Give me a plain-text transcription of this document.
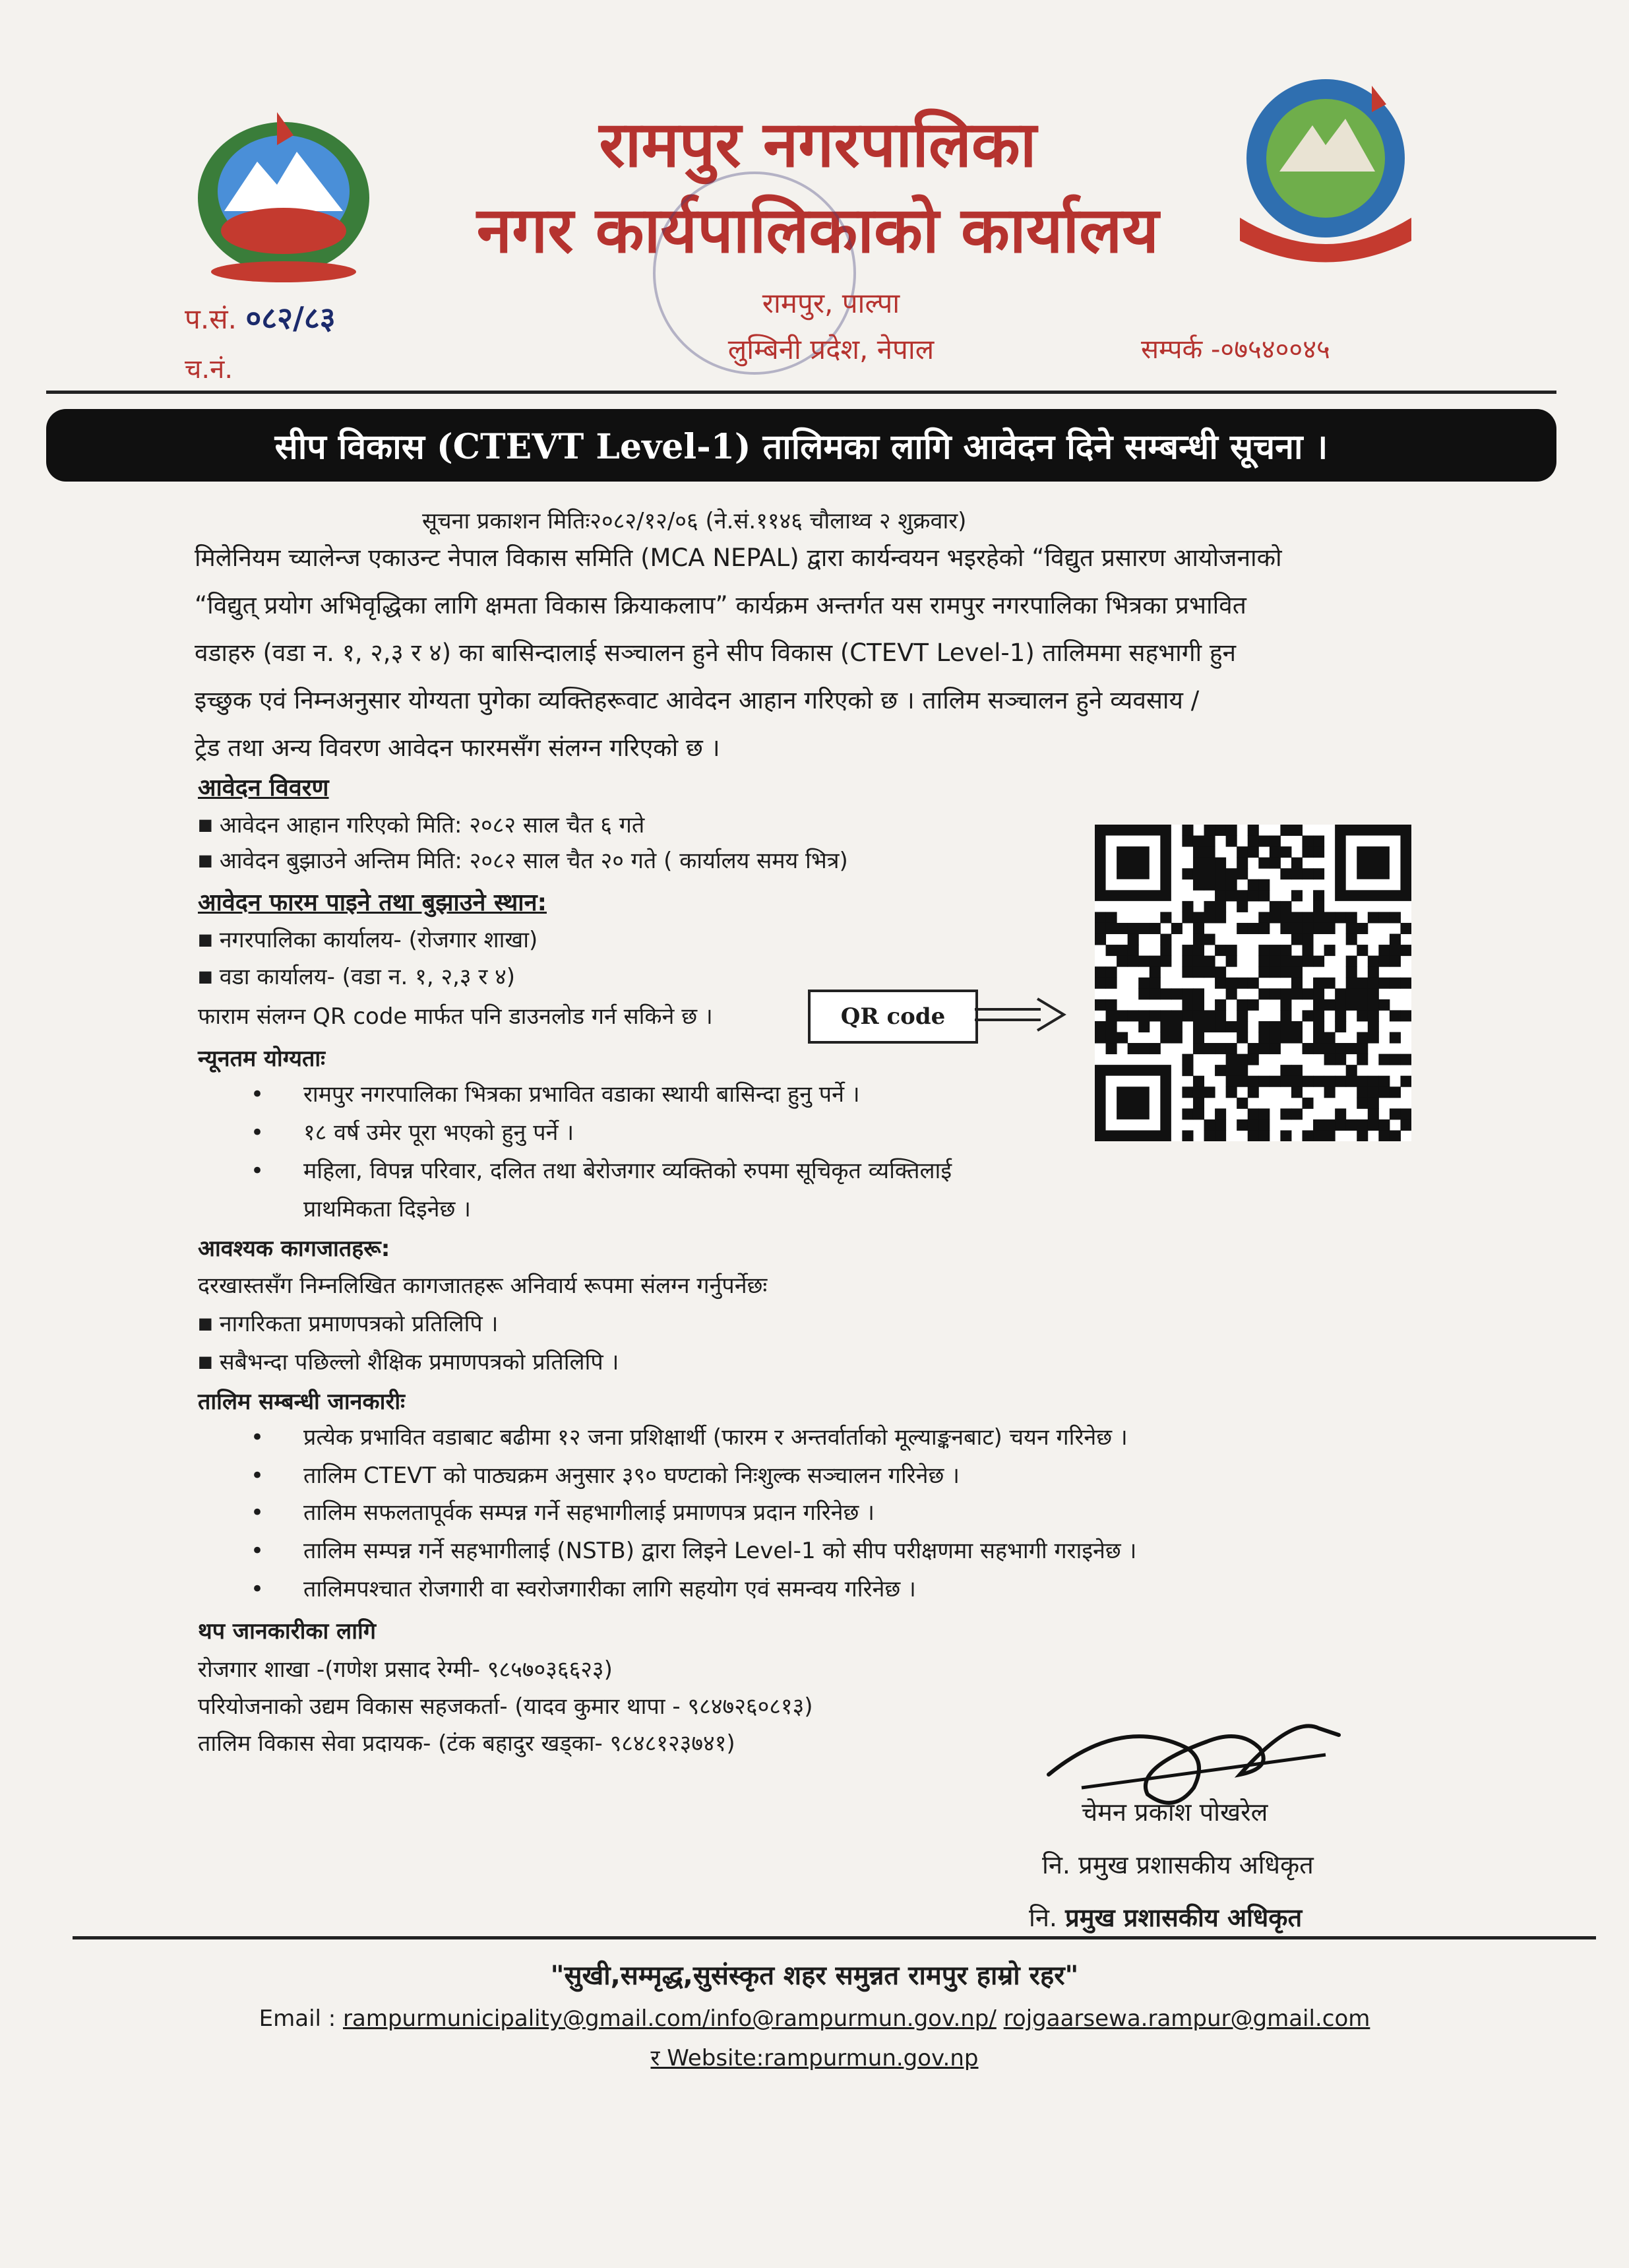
रामपुर नगरपालिका
नगर कार्यपालिकाको कार्यालय
प.सं. ०८२/८३
च.नं.
रामपुर, पाल्पा
लुम्बिनी प्रदेश, नेपाल	सम्पर्क -०७५४००४५
सीप विकास (CTEVT Level-1) तालिमका लागि आवेदन दिने सम्बन्धी सूचना ।
सूचना प्रकाशन मितिः२०८२/१२/०६ (ने.सं.११४६ चौलाथ्व २ शुक्रवार)
मिलेनियम च्यालेन्ज एकाउन्ट नेपाल विकास समिति (MCA NEPAL) द्वारा कार्यन्वयन भइरहेको “विद्युत प्रसारण आयोजनाको
“विद्युत् प्रयोग अभिवृद्धिका लागि क्षमता विकास क्रियाकलाप” कार्यक्रम अन्तर्गत यस रामपुर नगरपालिका भित्रका प्रभावित
वडाहरु (वडा न. १, २,३ र ४) का बासिन्दालाई सञ्चालन हुने सीप विकास (CTEVT Level-1) तालिममा सहभागी हुन
इच्छुक एवं निम्नअनुसार योग्यता पुगेका व्यक्तिहरूवाट आवेदन आहान गरिएको छ । तालिम सञ्चालन हुने व्यवसाय /
ट्रेड तथा अन्य विवरण आवेदन फारमसँग संलग्न गरिएको छ ।
आवेदन विवरण
■ आवेदन आहान गरिएको मिति: २०८२ साल चैत ६ गते
■ आवेदन बुझाउने अन्तिम मिति: २०८२ साल चैत २० गते ( कार्यालय समय भित्र)
आवेदन फारम पाइने तथा बुझाउने स्थान:
■ नगरपालिका कार्यालय- (रोजगार शाखा)
■ वडा कार्यालय- (वडा न. १, २,३ र ४)
फाराम संलग्न QR code मार्फत पनि डाउनलोड गर्न सकिने छ ।	QR code
न्यूनतम योग्यताः
• रामपुर नगरपालिका भित्रका प्रभावित वडाका स्थायी बासिन्दा हुनु पर्ने ।
• १८ वर्ष उमेर पूरा भएको हुनु पर्ने ।
• महिला, विपन्न परिवार, दलित तथा बेरोजगार व्यक्तिको रुपमा सूचिकृत व्यक्तिलाई
प्राथमिकता दिइनेछ ।
आवश्यक कागजातहरू:
दरखास्तसँग निम्नलिखित कागजातहरू अनिवार्य रूपमा संलग्न गर्नुपर्नेछः
■ नागरिकता प्रमाणपत्रको प्रतिलिपि ।
■ सबैभन्दा पछिल्लो शैक्षिक प्रमाणपत्रको प्रतिलिपि ।
तालिम सम्बन्धी जानकारीः
• प्रत्येक प्रभावित वडाबाट बढीमा १२ जना प्रशिक्षार्थी (फारम र अन्तर्वार्ताको मूल्याङ्कनबाट) चयन गरिनेछ ।
• तालिम CTEVT को पाठ्यक्रम अनुसार ३९० घण्टाको निःशुल्क सञ्चालन गरिनेछ ।
• तालिम सफलतापूर्वक सम्पन्न गर्ने सहभागीलाई प्रमाणपत्र प्रदान गरिनेछ ।
• तालिम सम्पन्न गर्ने सहभागीलाई (NSTB) द्वारा लिइने Level-1 को सीप परीक्षणमा सहभागी गराइनेछ ।
• तालिमपश्चात रोजगारी वा स्वरोजगारीका लागि सहयोग एवं समन्वय गरिनेछ ।
थप जानकारीका लागि
रोजगार शाखा -(गणेश प्रसाद रेग्मी- ९८५७०३६६२३)
परियोजनाको उद्यम विकास सहजकर्ता- (यादव कुमार थापा - ९८४७२६०८१३)
तालिम विकास सेवा प्रदायक- (टंक बहादुर खड्का- ९८४८१२३७४१)
चेमन प्रकाश पोखरेल
नि. प्रमुख प्रशासकीय अधिकृत
नि. प्रमुख प्रशासकीय अधिकृत
"सुखी,सम्मृद्ध,सुसंस्कृत शहर समुन्नत रामपुर हाम्रो रहर"
Email : rampurmunicipality@gmail.com/info@rampurmun.gov.np/ rojgaarsewa.rampur@gmail.com
र Website:rampurmun.gov.np
